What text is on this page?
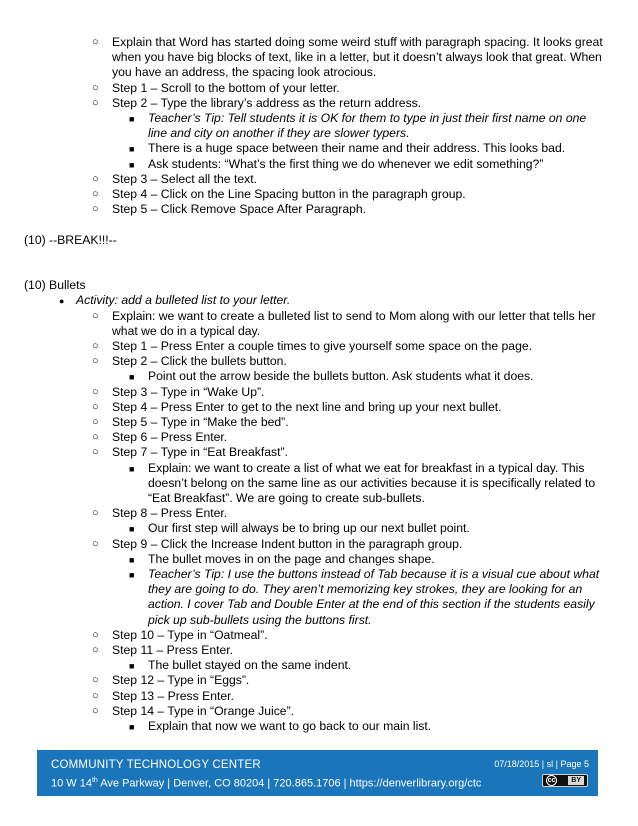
○ Explain that Word has started doing some weird stuff with paragraph spacing. It looks great when you have big blocks of text, like in a letter, but it doesn’t always look that great. When you have an address, the spacing look atrocious.
○ Step 1 – Scroll to the bottom of your letter.
○ Step 2 – Type the library’s address as the return address.
■ Teacher’s Tip: Tell students it is OK for them to type in just their first name on one line and city on another if they are slower typers.
■ There is a huge space between their name and their address. This looks bad.
■ Ask students: “What’s the first thing we do whenever we edit something?”
○ Step 3 – Select all the text.
○ Step 4 – Click on the Line Spacing button in the paragraph group.
○ Step 5 – Click Remove Space After Paragraph.
(10) --BREAK!!!--
(10) Bullets
● Activity: add a bulleted list to your letter.
○ Explain: we want to create a bulleted list to send to Mom along with our letter that tells her what we do in a typical day.
○ Step 1 – Press Enter a couple times to give yourself some space on the page.
○ Step 2 – Click the bullets button.
■ Point out the arrow beside the bullets button. Ask students what it does.
○ Step 3 – Type in “Wake Up”.
○ Step 4 – Press Enter to get to the next line and bring up your next bullet.
○ Step 5 – Type in “Make the bed”.
○ Step 6 – Press Enter.
○ Step 7 – Type in “Eat Breakfast”.
■ Explain: we want to create a list of what we eat for breakfast in a typical day. This doesn’t belong on the same line as our activities because it is specifically related to “Eat Breakfast”. We are going to create sub-bullets.
○ Step 8 – Press Enter.
■ Our first step will always be to bring up our next bullet point.
○ Step 9 – Click the Increase Indent button in the paragraph group.
■ The bullet moves in on the page and changes shape.
■ Teacher’s Tip: I use the buttons instead of Tab because it is a visual cue about what they are going to do. They aren’t memorizing key strokes, they are looking for an action. I cover Tab and Double Enter at the end of this section if the students easily pick up sub-bullets using the buttons first.
○ Step 10 – Type in “Oatmeal”.
○ Step 11 – Press Enter.
■ The bullet stayed on the same indent.
○ Step 12 – Type in “Eggs”.
○ Step 13 – Press Enter.
○ Step 14 – Type in “Orange Juice”.
■ Explain that now we want to go back to our main list.
COMMUNITY TECHNOLOGY CENTER
10 W 14th Ave Parkway | Denver, CO 80204 | 720.865.1706 | https://denverlibrary.org/ctc
07/18/2015 | sl | Page 5
cc	BY
